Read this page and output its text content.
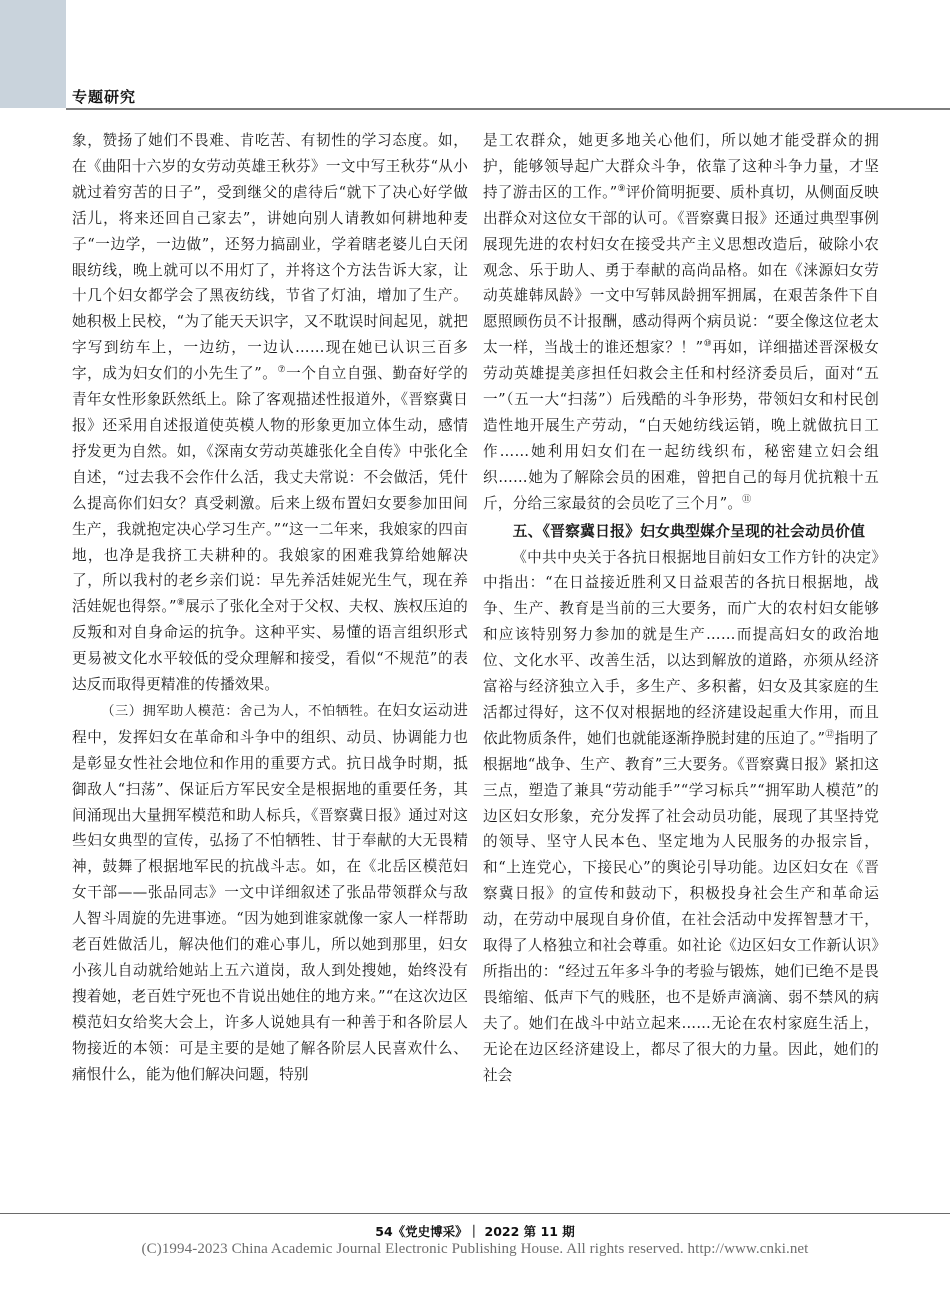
专题研究

象，赞扬了她们不畏难、肯吃苦、有韧性的学习态度。如，在《曲阳十六岁的女劳动英雄王秋芬》一文中写王秋芬“从小就过着穷苦的日子”，受到继父的虐待后“就下了决心好学做活儿，将来还回自己家去”，讲她向别人请教如何耕地种麦子“一边学，一边做”，还努力搞副业，学着瞎老婆儿白天闭眼纺线，晚上就可以不用灯了，并将这个方法告诉大家，让十几个妇女都学会了黑夜纺线，节省了灯油，增加了生产。她积极上民校，“为了能天天识字，又不耽误时间起见，就把字写到纺车上，一边纺，一边认……现在她已认识三百多字，成为妇女们的小先生了”。⑦一个自立自强、勤奋好学的青年女性形象跃然纸上。除了客观描述性报道外，《晋察冀日报》还采用自述报道使英模人物的形象更加立体生动，感情抒发更为自然。如，《深南女劳动英雄张化全自传》中张化全自述，“过去我不会作什么活，我丈夫常说：不会做活，凭什么提高你们妇女？真受刺激。后来上级布置妇女要参加田间生产，我就抱定决心学习生产。”“这一二年来，我娘家的四亩地，也净是我挤工夫耕种的。我娘家的困难我算给她解决了，所以我村的老乡亲们说：早先养活娃妮光生气，现在养活娃妮也得祭。”⑧展示了张化全对于父权、夫权、族权压迫的反叛和对自身命运的抗争。这种平实、易懂的语言组织形式更易被文化水平较低的受众理解和接受，看似“不规范”的表达反而取得更精准的传播效果。

（三）拥军助人模范：舍己为人，不怕牺牲。在妇女运动进程中，发挥妇女在革命和斗争中的组织、动员、协调能力也是彰显女性社会地位和作用的重要方式。抗日战争时期，抵御敌人“扫荡”、保证后方军民安全是根据地的重要任务，其间涌现出大量拥军模范和助人标兵，《晋察冀日报》通过对这些妇女典型的宣传，弘扬了不怕牺牲、甘于奉献的大无畏精神，鼓舞了根据地军民的抗战斗志。如，在《北岳区模范妇女干部——张品同志》一文中详细叙述了张品带领群众与敌人智斗周旋的先进事迹。“因为她到谁家就像一家人一样帮助老百姓做活儿，解决他们的难心事儿，所以她到那里，妇女小孩儿自动就给她站上五六道岗，敌人到处搜她，始终没有搜着她，老百姓宁死也不肯说出她住的地方来。”“在这次边区模范妇女给奖大会上，许多人说她具有一种善于和各阶层人物接近的本领：可是主要的是她了解各阶层人民喜欢什么、痛恨什么，能为他们解决问题，特别

是工农群众，她更多地关心他们，所以她才能受群众的拥护，能够领导起广大群众斗争，依靠了这种斗争力量，才坚持了游击区的工作。”⑨评价简明扼要、质朴真切，从侧面反映出群众对这位女干部的认可。《晋察冀日报》还通过典型事例展现先进的农村妇女在接受共产主义思想改造后，破除小农观念、乐于助人、勇于奉献的高尚品格。如在《涞源妇女劳动英雄韩凤龄》一文中写韩凤龄拥军拥属，在艰苦条件下自愿照顾伤员不计报酬，感动得两个病员说：“要全像这位老太太一样，当战士的谁还想家？！”⑩再如，详细描述晋深极女劳动英雄提美彦担任妇救会主任和村经济委员后，面对“五一”（五一大“扫荡”）后残酷的斗争形势，带领妇女和村民创造性地开展生产劳动，“白天她纺线运销，晚上就做抗日工作……她利用妇女们在一起纺线织布，秘密建立妇会组织……她为了解除会员的困难，曾把自己的每月优抗粮十五斤，分给三家最贫的会员吃了三个月”。⑪

五、《晋察冀日报》妇女典型媒介呈现的社会动员价值

《中共中央关于各抗日根据地目前妇女工作方针的决定》中指出：“在日益接近胜利又日益艰苦的各抗日根据地，战争、生产、教育是当前的三大要务，而广大的农村妇女能够和应该特别努力参加的就是生产……而提高妇女的政治地位、文化水平、改善生活，以达到解放的道路，亦须从经济富裕与经济独立入手，多生产、多积蓄，妇女及其家庭的生活都过得好，这不仅对根据地的经济建设起重大作用，而且依此物质条件，她们也就能逐渐挣脱封建的压迫了。”⑫指明了根据地“战争、生产、教育”三大要务。《晋察冀日报》紧扣这三点，塑造了兼具“劳动能手”“学习标兵”“拥军助人模范”的边区妇女形象，充分发挥了社会动员功能，展现了其坚持党的领导、坚守人民本色、坚定地为人民服务的办报宗旨，和“上连党心，下接民心”的舆论引导功能。边区妇女在《晋察冀日报》的宣传和鼓动下，积极投身社会生产和革命运动，在劳动中展现自身价值，在社会活动中发挥智慧才干，取得了人格独立和社会尊重。如社论《边区妇女工作新认识》所指出的：“经过五年多斗争的考验与锻炼，她们已绝不是畏畏缩缩、低声下气的贱胚，也不是娇声滴滴、弱不禁风的病夫了。她们在战斗中站立起来……无论在农村家庭生活上，无论在边区经济建设上，都尽了很大的力量。因此，她们的社会

54《党史博采》｜ 2022 第 11 期
(C)1994-2023 China Academic Journal Electronic Publishing House. All rights reserved. http://www.cnki.net
